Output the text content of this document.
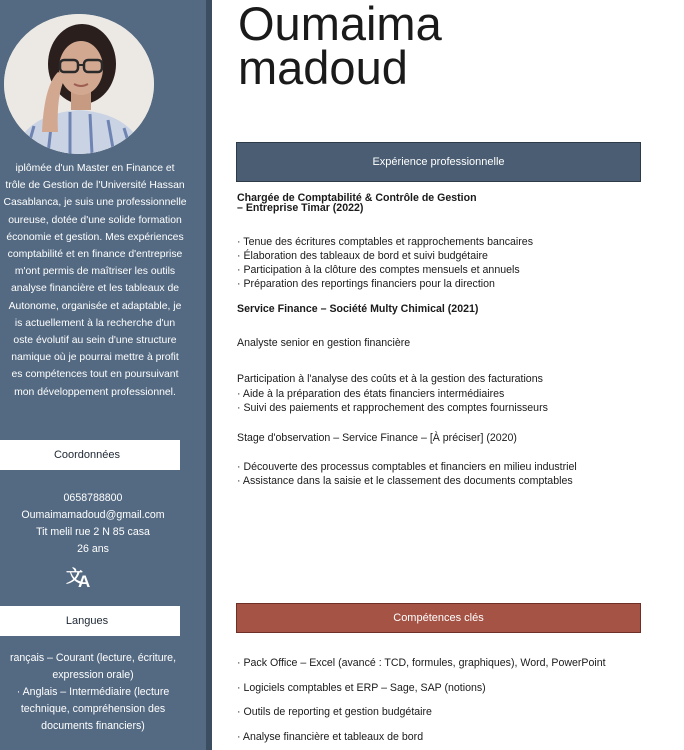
iplômée d'un Master en Finance et
trôle de Gestion de l'Université Hassan
Casablanca, je suis une professionnelle
oureuse, dotée d'une solide formation
économie et gestion. Mes expériences
comptabilité et en finance d'entreprise
m'ont permis de maîtriser les outils
analyse financière et les tableaux de
Autonome, organisée et adaptable, je
is actuellement à la recherche d'un
oste évolutif au sein d'une structure
namique où je pourrai mettre à profit
es compétences tout en poursuivant
mon développement professionnel.
Coordonnées
0658788800
Oumaimamadoud@gmail.com
Tit melil rue 2 N 85 casa
26 ans
文
A
Langues
rançais – Courant (lecture, écriture,
expression orale)
· Anglais – Intermédiaire (lecture
technique, compréhension des
documents financiers)
Oumaima
madoud
Expérience professionnelle
Chargée de Comptabilité & Contrôle de Gestion
– Entreprise Timar (2022)
· Tenue des écritures comptables et rapprochements bancaires
· Élaboration des tableaux de bord et suivi budgétaire
· Participation à la clôture des comptes mensuels et annuels
· Préparation des reportings financiers pour la direction
Service Finance – Société Multy Chimical (2021)
Analyste senior en gestion financière
Participation à l'analyse des coûts et à la gestion des facturations
· Aide à la préparation des états financiers intermédiaires
· Suivi des paiements et rapprochement des comptes fournisseurs
Stage d'observation – Service Finance – [À préciser] (2020)
· Découverte des processus comptables et financiers en milieu industriel
· Assistance dans la saisie et le classement des documents comptables
Compétences clés
· Pack Office – Excel (avancé : TCD, formules, graphiques), Word, PowerPoint
· Logiciels comptables et ERP – Sage, SAP (notions)
· Outils de reporting et gestion budgétaire
· Analyse financière et tableaux de bord
